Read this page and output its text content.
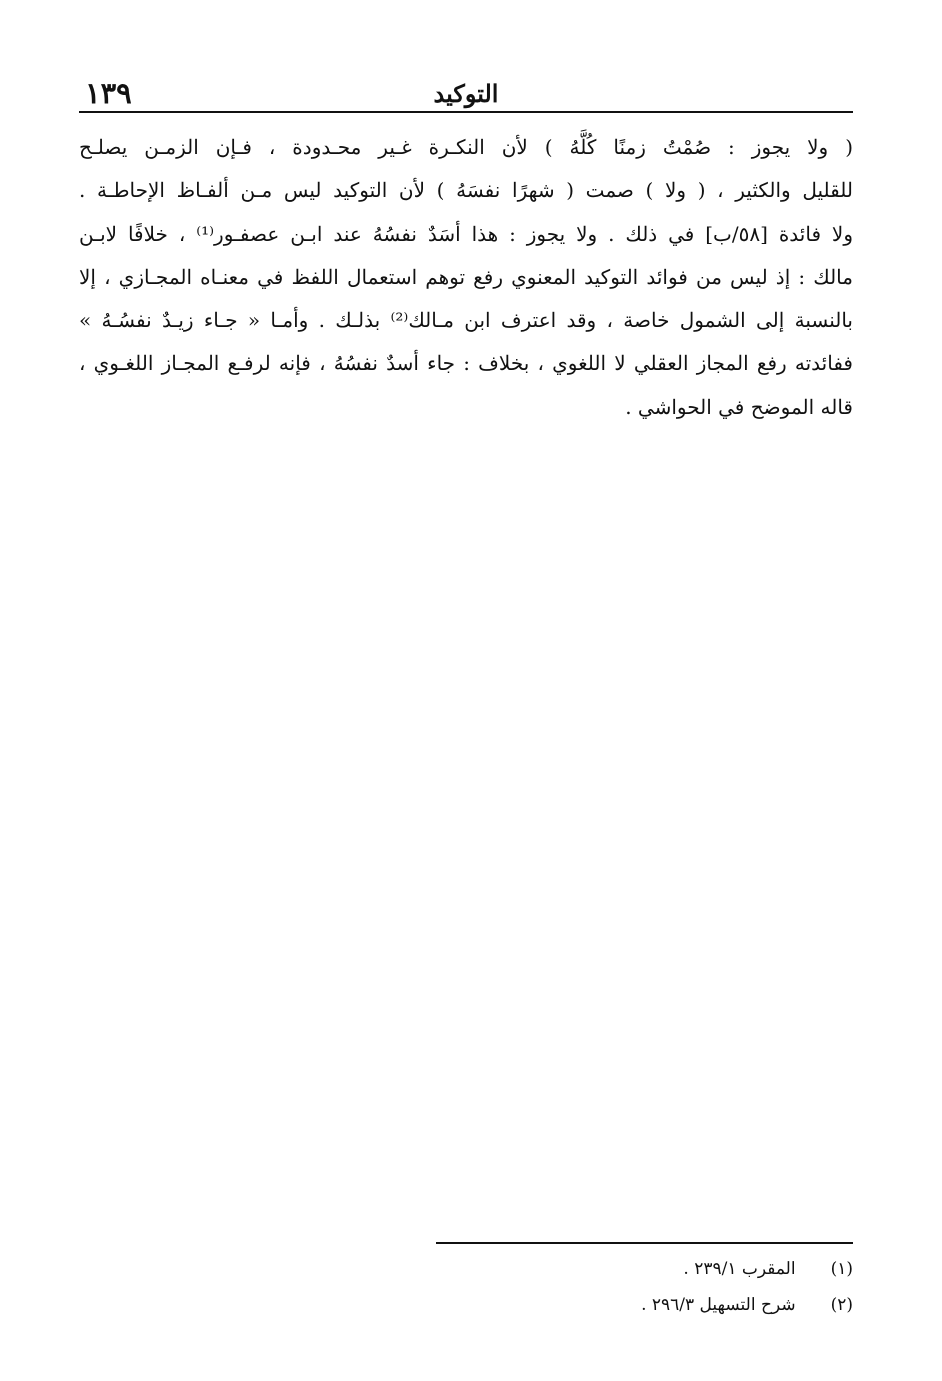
١٣٩	التوكيد
( ولا يجوز : صُمْتُ زمنًا كُلَّهُ ) لأن النكـرة غـير محـدودة ، فـإن الزمـن يصلـح
للقليل والكثير ، ( ولا ) صمت ( شهرًا نفسَهُ ) لأن التوكيد ليس مـن ألفـاظ الإحاطـة .
ولا فائدة [٥٨/ب] في ذلك . ولا يجوز : هذا أسَدٌ نفسُهُ عند ابـن عصفـور⁽¹⁾ ، خلافًا لابـن
مالك : إذ ليس من فوائد التوكيد المعنوي رفع توهم استعمال اللفظ في معنـاه المجـازي ، إلا
بالنسبة إلى الشمول خاصة ، وقد اعترف ابن مـالك⁽²⁾ بذلـك . وأمـا « جـاء زيـدٌ نفسُـهُ »
ففائدته رفع المجاز العقلي لا اللغوي ، بخلاف : جاء أسدٌ نفسُهُ ، فإنه لرفـع المجـاز اللغـوي ،
قاله الموضح في الحواشي .
(١) المقرب ٢٣٩/١ .
(٢) شرح التسهيل ٢٩٦/٣ .
